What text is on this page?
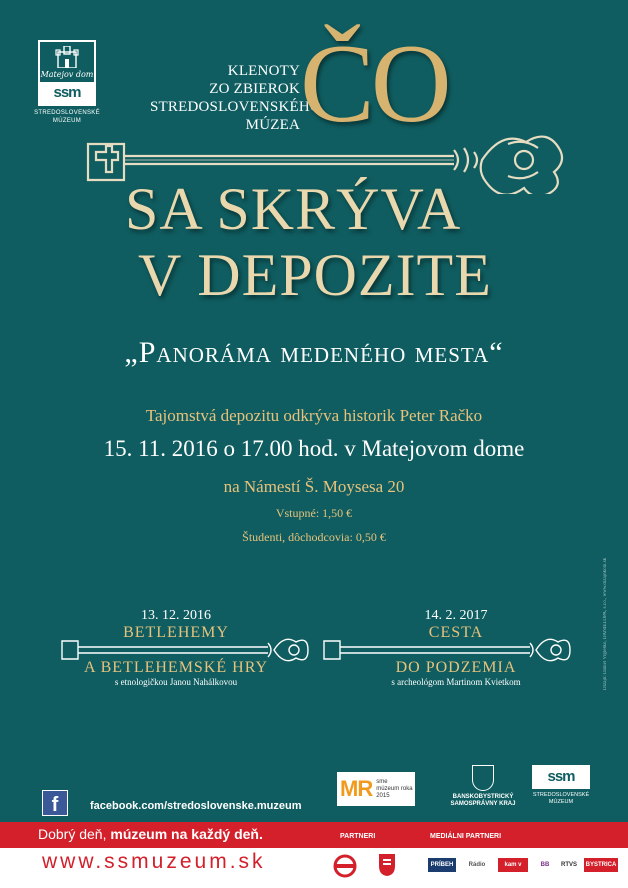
Matejov dom
ssm
STREDOSLOVENSKÉ
MÚZEUM
KLENOTY
ZO ZBIEROK
STREDOSLOVENSKÉHO
MÚZEA ČO
SA SKRÝVA
V DEPOZITE
„Panoráma medeného mesta“
Tajomstvá depozitu odkrýva historik Peter Račko
15. 11. 2016 o 17.00 hod. v Matejovom dome
na Námestí Š. Moysesa 20
Vstupné: 1,50 €
Študenti, dôchodcovia: 0,50 €
13. 12. 2016
BETLEHEMY
A BETLEHEMSKÉ HRY
s etnologičkou Janou Nahálkovou
14. 2. 2017
CESTA
DO PODZEMIA
s archeológom Martinom Kvietkom	Dizajn: Daniel Vrgleško, DANIELOPA, s.r.o., www.dizajnkoni.sk
f	facebook.com/stredoslovenske.muzeum
MR sme
múzeum roka
2015	BANSKOBYSTRICKÝ
SAMOSPRÁVNY KRAJ
ssm
STREDOSLOVENSKÉ
MÚZEUM
Dobrý deň, múzeum na každý deň.	PARTNERI	MEDIÁLNI PARTNERI
www.ssmuzeum.sk	PRÍBEH MESTA
Rádio	kam v meste
BB	RTVS	BYSTRICA
